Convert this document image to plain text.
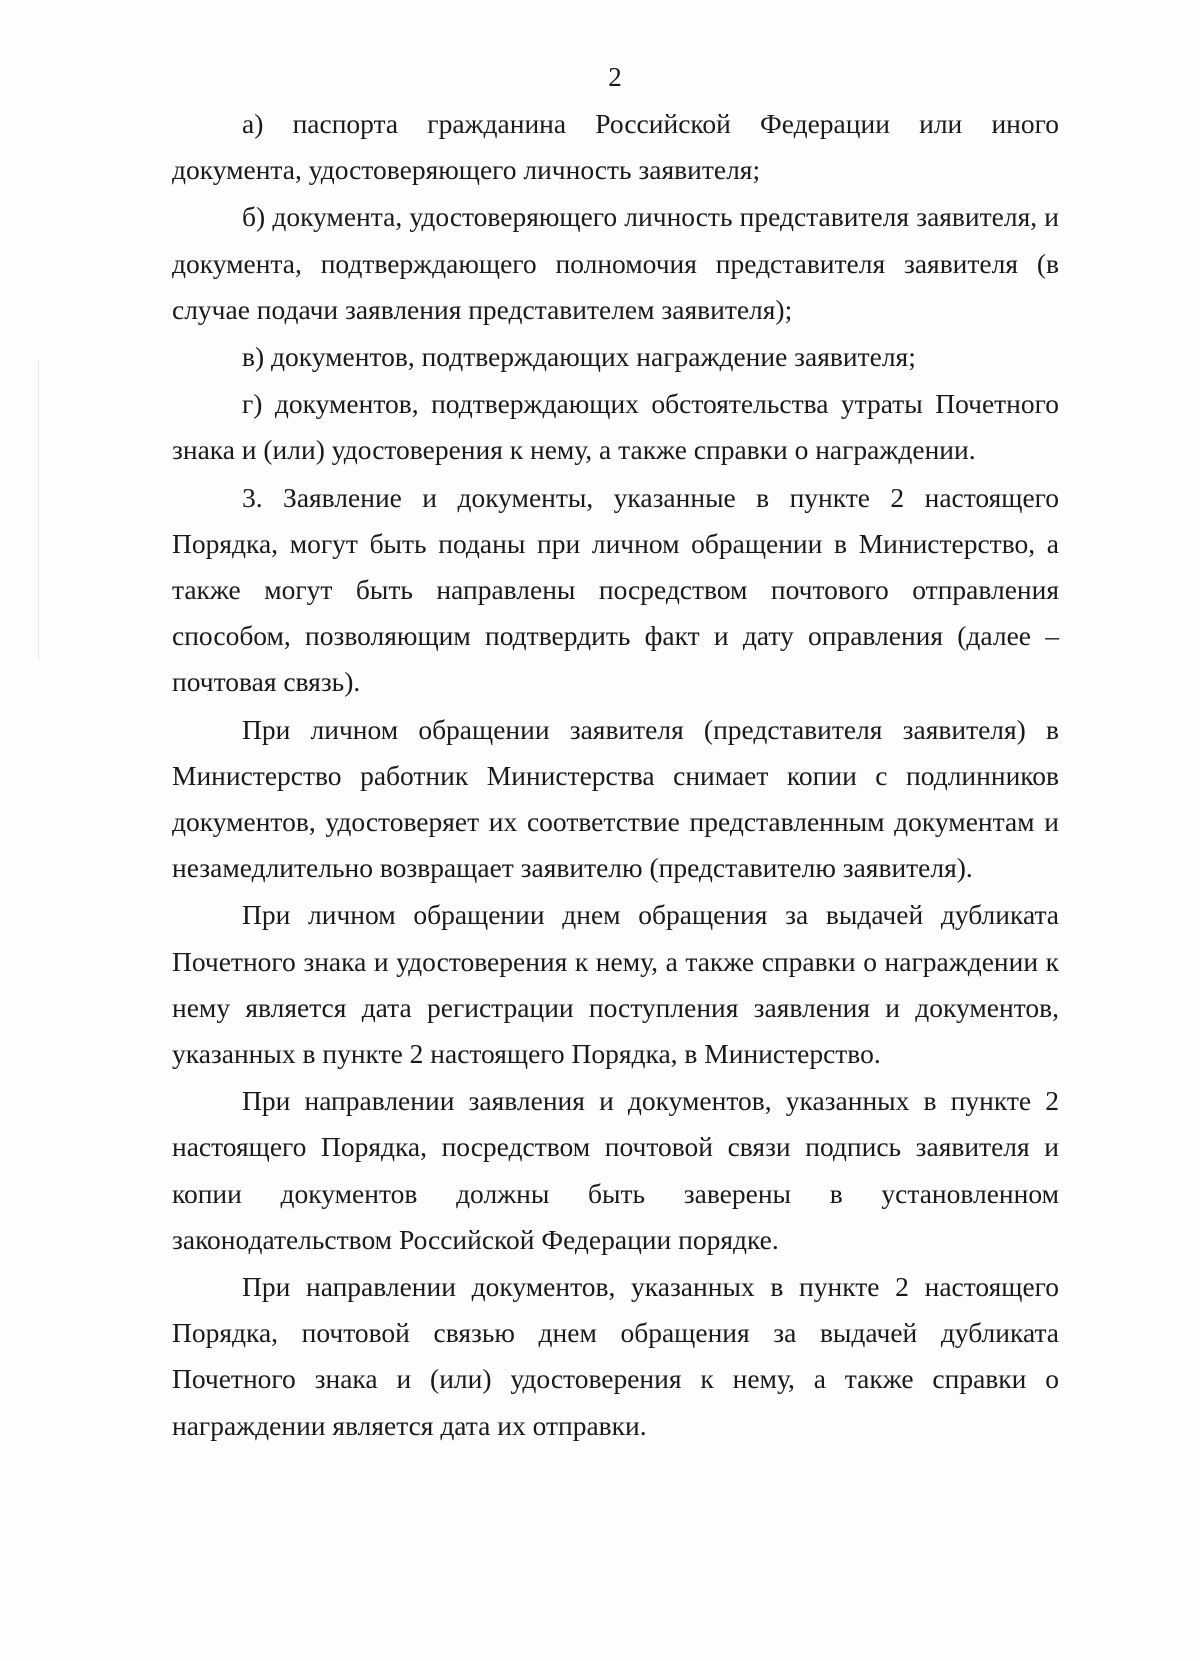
2

а) паспорта гражданина Российской Федерации или иного документа, удостоверяющего личность заявителя;

б) документа, удостоверяющего личность представителя заявителя, и документа, подтверждающего полномочия представителя заявителя (в случае подачи заявления представителем заявителя);

в) документов, подтверждающих награждение заявителя;

г) документов, подтверждающих обстоятельства утраты Почетного знака и (или) удостоверения к нему, а также справки о награждении.

3. Заявление и документы, указанные в пункте 2 настоящего Порядка, могут быть поданы при личном обращении в Министерство, а также могут быть направлены посредством почтового отправления способом, позволяющим подтвердить факт и дату оправления (далее – почтовая связь).

При личном обращении заявителя (представителя заявителя) в Министерство работник Министерства снимает копии с подлинников документов, удостоверяет их соответствие представленным документам и незамедлительно возвращает заявителю (представителю заявителя).

При личном обращении днем обращения за выдачей дубликата Почетного знака и удостоверения к нему, а также справки о награждении к нему является дата регистрации поступления заявления и документов, указанных в пункте 2 настоящего Порядка, в Министерство.

При направлении заявления и документов, указанных в пункте 2 настоящего Порядка, посредством почтовой связи подпись заявителя и копии документов должны быть заверены в установленном законодательством Российской Федерации порядке.

При направлении документов, указанных в пункте 2 настоящего Порядка, почтовой связью днем обращения за выдачей дубликата Почетного знака и (или) удостоверения к нему, а также справки о награждении является дата их отправки.
